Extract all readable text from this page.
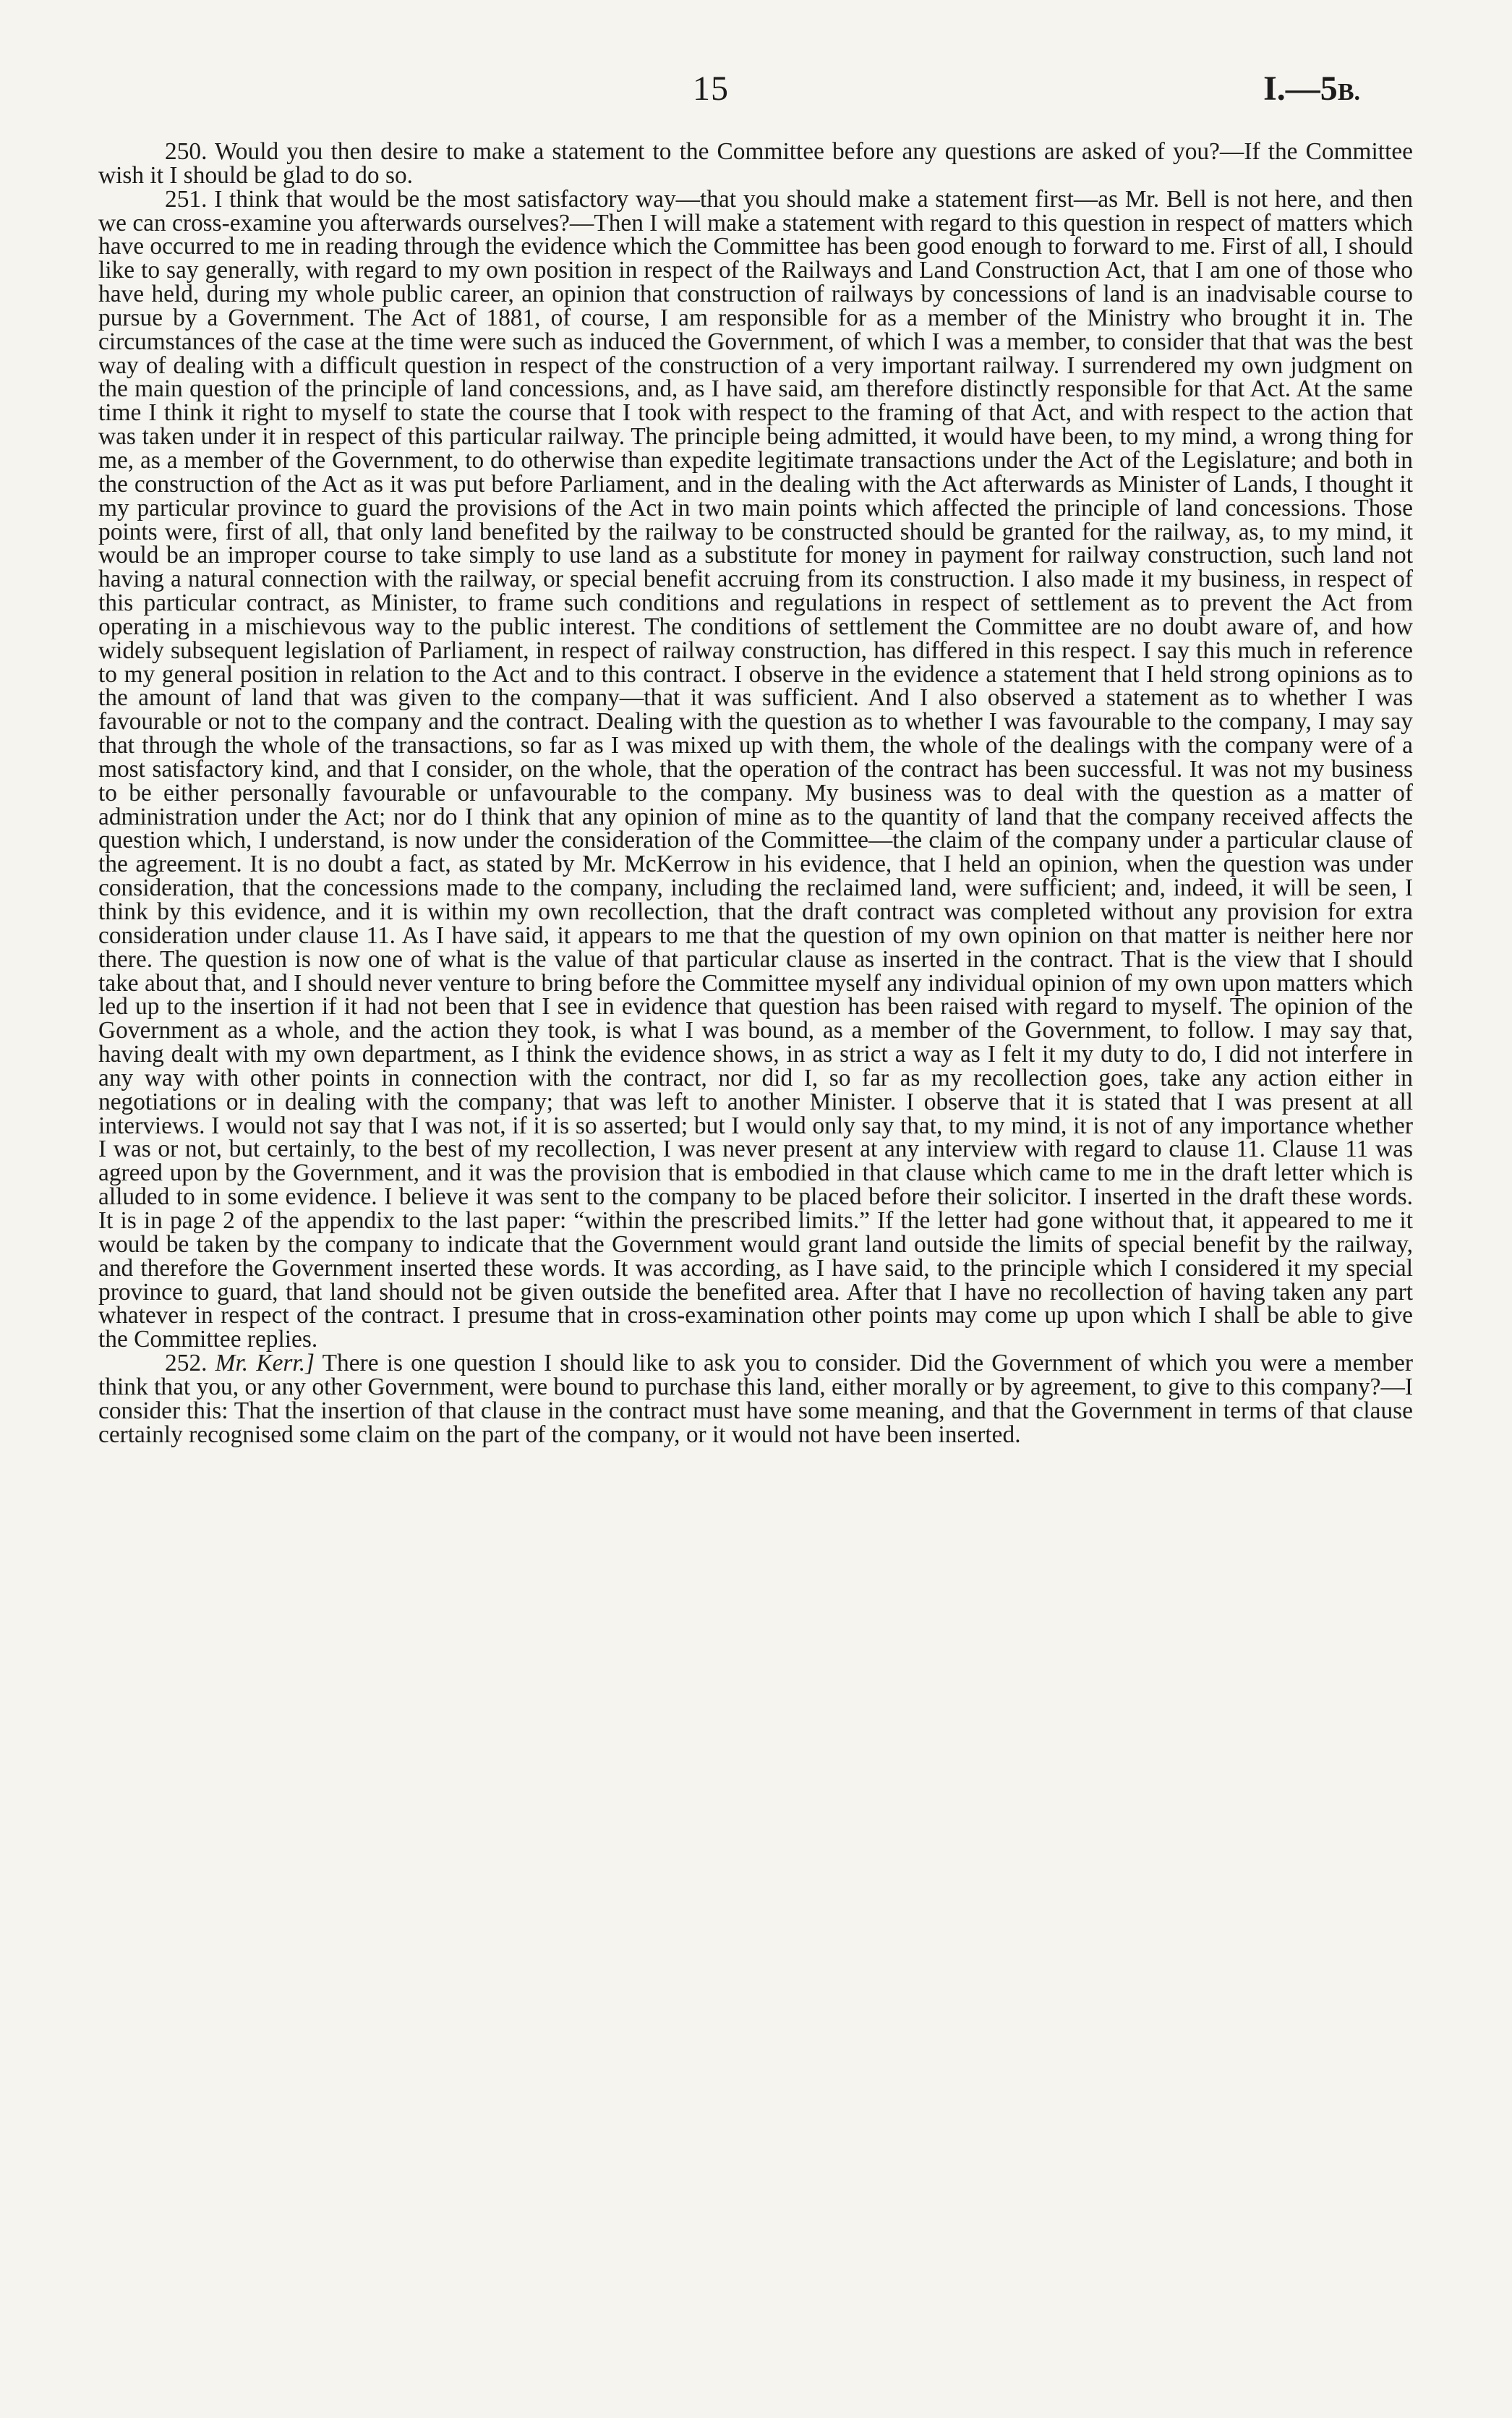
15	I.—5B.

250. Would you then desire to make a statement to the Committee before any questions are asked of you?—If the Committee wish it I should be glad to do so.

251. I think that would be the most satisfactory way—that you should make a statement first—as Mr. Bell is not here, and then we can cross-examine you afterwards ourselves?—Then I will make a statement with regard to this question in respect of matters which have occurred to me in reading through the evidence which the Committee has been good enough to forward to me. First of all, I should like to say generally, with regard to my own position in respect of the Railways and Land Construction Act, that I am one of those who have held, during my whole public career, an opinion that construction of railways by concessions of land is an inadvisable course to pursue by a Government. The Act of 1881, of course, I am responsible for as a member of the Ministry who brought it in. The circumstances of the case at the time were such as induced the Government, of which I was a member, to consider that that was the best way of dealing with a difficult question in respect of the construction of a very important railway. I surrendered my own judgment on the main question of the principle of land concessions, and, as I have said, am therefore distinctly responsible for that Act. At the same time I think it right to myself to state the course that I took with respect to the framing of that Act, and with respect to the action that was taken under it in respect of this particular railway. The principle being admitted, it would have been, to my mind, a wrong thing for me, as a member of the Government, to do otherwise than expedite legitimate transactions under the Act of the Legislature; and both in the construction of the Act as it was put before Parliament, and in the dealing with the Act afterwards as Minister of Lands, I thought it my particular province to guard the provisions of the Act in two main points which affected the principle of land concessions. Those points were, first of all, that only land benefited by the railway to be constructed should be granted for the railway, as, to my mind, it would be an improper course to take simply to use land as a substitute for money in payment for railway construction, such land not having a natural connection with the railway, or special benefit accruing from its construction. I also made it my business, in respect of this particular contract, as Minister, to frame such conditions and regulations in respect of settlement as to prevent the Act from operating in a mischievous way to the public interest. The conditions of settlement the Committee are no doubt aware of, and how widely subsequent legislation of Parliament, in respect of railway construction, has differed in this respect. I say this much in reference to my general position in relation to the Act and to this contract. I observe in the evidence a statement that I held strong opinions as to the amount of land that was given to the company—that it was sufficient. And I also observed a statement as to whether I was favourable or not to the company and the contract. Dealing with the question as to whether I was favourable to the company, I may say that through the whole of the transactions, so far as I was mixed up with them, the whole of the dealings with the company were of a most satisfactory kind, and that I consider, on the whole, that the operation of the contract has been successful. It was not my business to be either personally favourable or unfavourable to the company. My business was to deal with the question as a matter of administration under the Act; nor do I think that any opinion of mine as to the quantity of land that the company received affects the question which, I understand, is now under the consideration of the Committee—the claim of the company under a particular clause of the agreement. It is no doubt a fact, as stated by Mr. McKerrow in his evidence, that I held an opinion, when the question was under consideration, that the concessions made to the company, including the reclaimed land, were sufficient; and, indeed, it will be seen, I think by this evidence, and it is within my own recollection, that the draft contract was completed without any provision for extra consideration under clause 11. As I have said, it appears to me that the question of my own opinion on that matter is neither here nor there. The question is now one of what is the value of that particular clause as inserted in the contract. That is the view that I should take about that, and I should never venture to bring before the Committee myself any individual opinion of my own upon matters which led up to the insertion if it had not been that I see in evidence that question has been raised with regard to myself. The opinion of the Government as a whole, and the action they took, is what I was bound, as a member of the Government, to follow. I may say that, having dealt with my own department, as I think the evidence shows, in as strict a way as I felt it my duty to do, I did not interfere in any way with other points in connection with the contract, nor did I, so far as my recollection goes, take any action either in negotiations or in dealing with the company; that was left to another Minister. I observe that it is stated that I was present at all interviews. I would not say that I was not, if it is so asserted; but I would only say that, to my mind, it is not of any importance whether I was or not, but certainly, to the best of my recollection, I was never present at any interview with regard to clause 11. Clause 11 was agreed upon by the Government, and it was the provision that is embodied in that clause which came to me in the draft letter which is alluded to in some evidence. I believe it was sent to the company to be placed before their solicitor. I inserted in the draft these words. It is in page 2 of the appendix to the last paper: “within the prescribed limits.” If the letter had gone without that, it appeared to me it would be taken by the company to indicate that the Government would grant land outside the limits of special benefit by the railway, and therefore the Government inserted these words. It was according, as I have said, to the principle which I considered it my special province to guard, that land should not be given outside the benefited area. After that I have no recollection of having taken any part whatever in respect of the contract. I presume that in cross-examination other points may come up upon which I shall be able to give the Committee replies.

252. Mr. Kerr.] There is one question I should like to ask you to consider. Did the Government of which you were a member think that you, or any other Government, were bound to purchase this land, either morally or by agreement, to give to this company?—I consider this: That the insertion of that clause in the contract must have some meaning, and that the Government in terms of that clause certainly recognised some claim on the part of the company, or it would not have been inserted.
